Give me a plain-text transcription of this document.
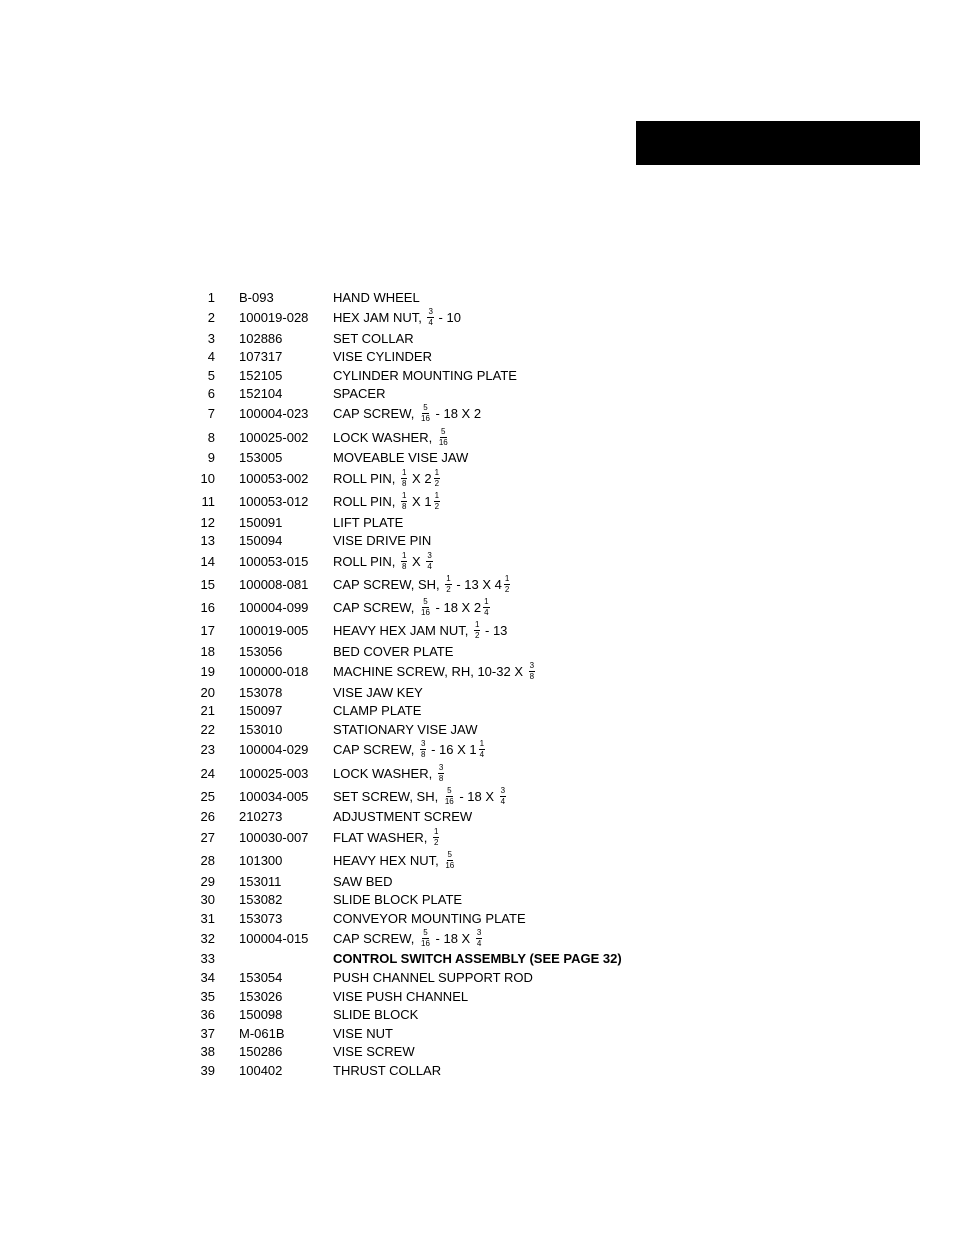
1 B-093	HAND WHEEL
2 100019-028 HEX JAM NUT, $\frac{3}{4} - 10$
3 102886	SET COLLAR
4 107317	VISE CYLINDER
5 152105	CYLINDER MOUNTING PLATE
6 152104	SPACER
7 100004-023 CAP SCREW, $\frac{5}{16} - 18$ X 2
8 100025-002 LOCK WASHER, $\frac{5}{16}$
9 153005	MOVEABLE VISE JAW
10 100053-002 ROLL PIN, $\frac{1}{8}$ X $2 \frac{1}{2}$
11 100053-012 ROLL PIN, $\frac{1}{8}$ X $1 \frac{1}{2}$
12 150091	LIFT PLATE
13 150094	VISE DRIVE PIN
14 100053-015 ROLL PIN, $\frac{1}{8}$ X $\frac{3}{4}$
15 100008-081 CAP SCREW, SH, $\frac{1}{2} - 13$ X $4 \frac{1}{2}$
16 100004-099 CAP SCREW, $\frac{5}{16} - 18$ X $2 \frac{1}{4}$
17 100019-005 HEAVY HEX JAM NUT, $\frac{1}{2} - 13$
18 153056	BED COVER PLATE
19 100000-018 MACHINE SCREW, RH, 10-32 X $\frac{3}{8}$
20 153078	VISE JAW KEY
21 150097	CLAMP PLATE
22 153010	STATIONARY VISE JAW
23 100004-029 CAP SCREW, $\frac{3}{8} - 16$ X $1 \frac{1}{4}$
24 100025-003 LOCK WASHER, $\frac{3}{8}$
25 100034-005 SET SCREW, SH, $\frac{5}{16} - 18$ X $\frac{3}{4}$
26 210273	ADJUSTMENT SCREW
27 100030-007 FLAT WASHER, $\frac{1}{2}$
28 101300	HEAVY HEX NUT, $\frac{5}{16}$
29 153011	SAW BED
30 153082	SLIDE BLOCK PLATE
31 153073	CONVEYOR MOUNTING PLATE
32 100004-015 CAP SCREW, $\frac{5}{16} - 18$ X $\frac{3}{4}$
33	CONTROL SWITCH ASSEMBLY (SEE PAGE 32)
34 153054	PUSH CHANNEL SUPPORT ROD
35 153026	VISE PUSH CHANNEL
36 150098	SLIDE BLOCK
37 M-061B	VISE NUT
38 150286	VISE SCREW
39 100402	THRUST COLLAR
